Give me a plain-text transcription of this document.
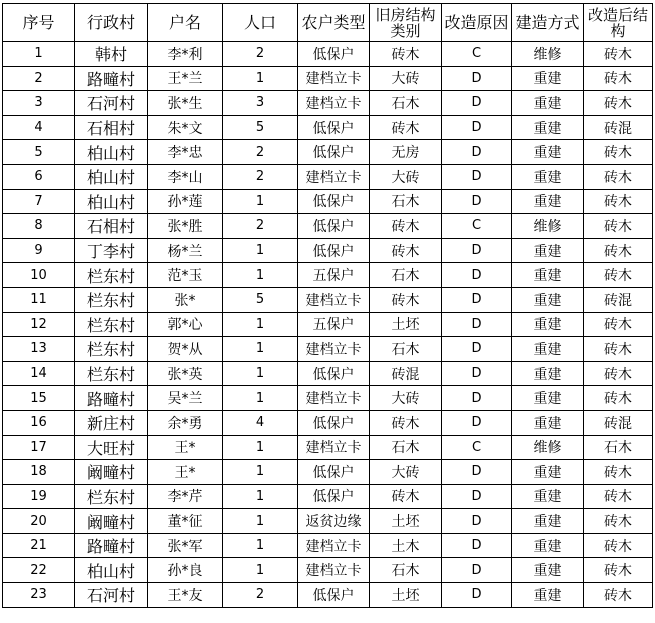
序号	行政村	户名	人口	农户类型	旧房结构类别	改造原因	建造方式	改造后结构
1	韩村	李*利	2	低保户	砖木	C	维修	砖木
2	路疃村	王*兰	1	建档立卡	大砖	D	重建	砖木
3	石河村	张*生	3	建档立卡	石木	D	重建	砖木
4	石相村	朱*文	5	低保户	砖木	D	重建	砖混
5	柏山村	李*忠	2	低保户	无房	D	重建	砖木
6	柏山村	李*山	2	建档立卡	大砖	D	重建	砖木
7	柏山村	孙*莲	1	低保户	石木	D	重建	砖木
8	石相村	张*胜	2	低保户	砖木	C	维修	砖木
9	丁李村	杨*兰	1	低保户	砖木	D	重建	砖木
10	栏东村	范*玉	1	五保户	石木	D	重建	砖木
11	栏东村	张*	5	建档立卡	砖木	D	重建	砖混
12	栏东村	郭*心	1	五保户	土坯	D	重建	砖木
13	栏东村	贺*从	1	建档立卡	石木	D	重建	砖木
14	栏东村	张*英	1	低保户	砖混	D	重建	砖木
15	路疃村	吴*兰	1	建档立卡	大砖	D	重建	砖木
16	新庄村	余*勇	4	低保户	砖木	D	重建	砖混
17	大旺村	王*	1	建档立卡	石木	C	维修	石木
18	阚疃村	王*	1	低保户	大砖	D	重建	砖木
19	栏东村	李*芹	1	低保户	砖木	D	重建	砖木
20	阚疃村	董*征	1	返贫边缘	土坯	D	重建	砖木
21	路疃村	张*军	1	建档立卡	土木	D	重建	砖木
22	柏山村	孙*良	1	建档立卡	石木	D	重建	砖木
23	石河村	王*友	2	低保户	土坯	D	重建	砖木
